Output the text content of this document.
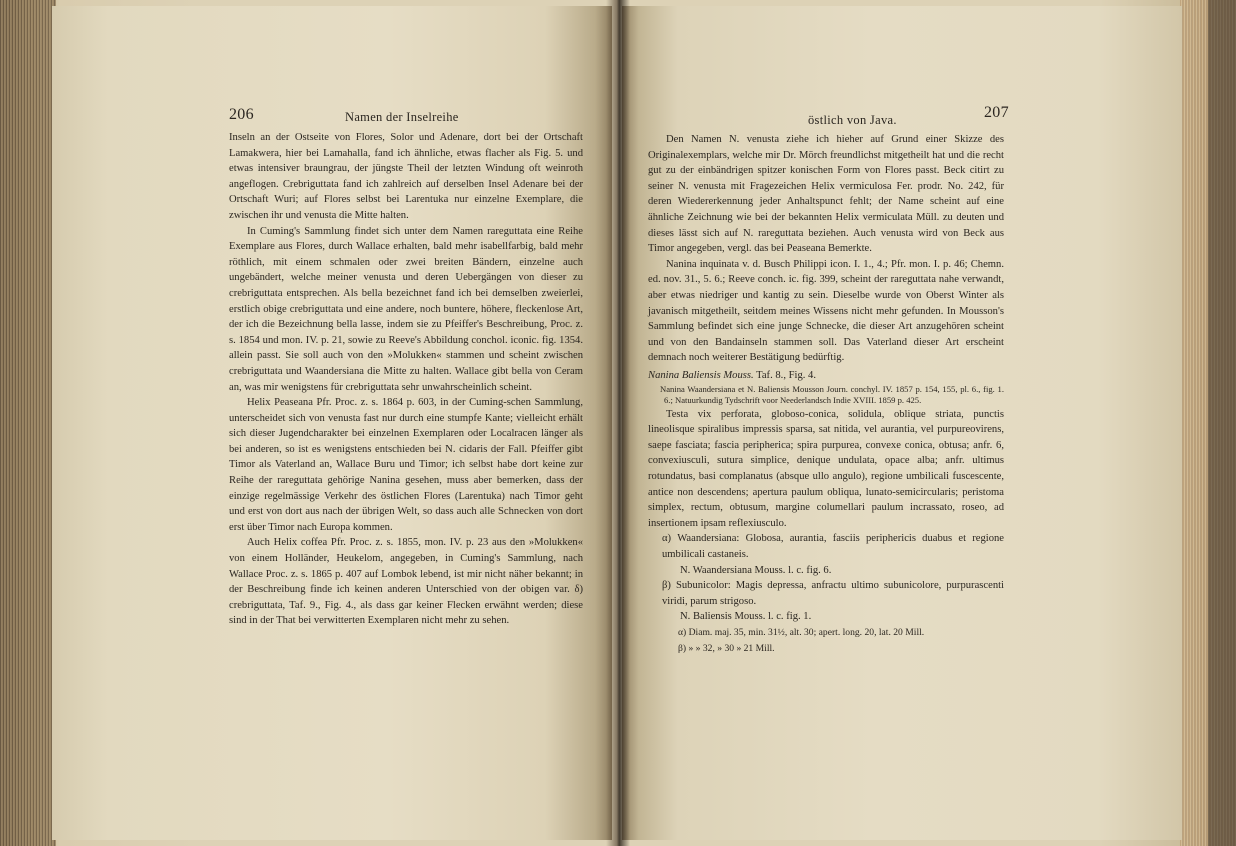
206	Namen der Inselreihe

Inseln an der Ostseite von Flores, Solor und Adenare, dort bei der Ortschaft Lamakwera, hier bei Lamahalla, fand ich ähnliche, etwas flacher als Fig. 5. und etwas intensiver braungrau, der jüngste Theil der letzten Windung oft weinroth angeflogen. Crebriguttata fand ich zahlreich auf derselben Insel Adenare bei der Ortschaft Wuri; auf Flores selbst bei Larentuka nur einzelne Exemplare, die zwischen ihr und venusta die Mitte halten.

In Cuming's Sammlung findet sich unter dem Namen rareguttata eine Reihe Exemplare aus Flores, durch Wallace erhalten, bald mehr isabellfarbig, bald mehr röthlich, mit einem schmalen oder zwei breiten Bändern, einzelne auch ungebändert, welche meiner venusta und deren Uebergängen von dieser zu crebriguttata entsprechen. Als bella bezeichnet fand ich bei demselben zweierlei, erstlich obige crebriguttata und eine andere, noch buntere, höhere, fleckenlose Art, der ich die Bezeichnung bella lasse, indem sie zu Pfeiffer's Beschreibung, Proc. z. s. 1854 und mon. IV. p. 21, sowie zu Reeve's Abbildung conchol. iconic. fig. 1354. allein passt. Sie soll auch von den »Molukken« stammen und scheint zwischen crebriguttata und Waandersiana die Mitte zu halten. Wallace gibt bella von Ceram an, was mir wenigstens für crebriguttata sehr unwahrscheinlich scheint.

Helix Peaseana Pfr. Proc. z. s. 1864 p. 603, in der Cuming-schen Sammlung, unterscheidet sich von venusta fast nur durch eine stumpfe Kante; vielleicht erhält sich dieser Jugendcharakter bei einzelnen Exemplaren oder Localracen länger als bei anderen, so ist es wenigstens entschieden bei N. cidaris der Fall. Pfeiffer gibt Timor als Vaterland an, Wallace Buru und Timor; ich selbst habe dort keine zur Reihe der rareguttata gehörige Nanina gesehen, muss aber bemerken, dass der einzige regelmässige Verkehr des östlichen Flores (Larentuka) nach Timor geht und erst von dort aus nach der übrigen Welt, so dass auch alle Schnecken von dort erst über Timor nach Europa kommen.

Auch Helix coffea Pfr. Proc. z. s. 1855, mon. IV. p. 23 aus den »Molukken« von einem Holländer, Heukelom, angegeben, in Cuming's Sammlung, nach Wallace Proc. z. s. 1865 p. 407 auf Lombok lebend, ist mir nicht näher bekannt; in der Beschreibung finde ich keinen anderen Unterschied von der obigen var. δ) crebriguttata, Taf. 9., Fig. 4., als dass gar keiner Flecken erwähnt werden; diese sind in der That bei verwitterten Exemplaren nicht mehr zu sehen.

östlich von Java.	207

Den Namen N. venusta ziehe ich hieher auf Grund einer Skizze des Originalexemplars, welche mir Dr. Mörch freundlichst mitgetheilt hat und die recht gut zu der einbändrigen spitzer konischen Form von Flores passt. Beck citirt zu seiner N. venusta mit Fragezeichen Helix vermiculosa Fer. prodr. No. 242, für deren Wiedererkennung jeder Anhaltspunct fehlt; der Name scheint auf eine ähnliche Zeichnung wie bei der bekannten Helix vermiculata Müll. zu deuten und dieses lässt sich auf N. rareguttata beziehen. Auch venusta wird von Beck aus Timor angegeben, vergl. das bei Peaseana Bemerkte.

Nanina inquinata v. d. Busch Philippi icon. I. 1., 4.; Pfr. mon. I. p. 46; Chemn. ed. nov. 31., 5. 6.; Reeve conch. ic. fig. 399, scheint der rareguttata nahe verwandt, aber etwas niedriger und kantig zu sein. Dieselbe wurde von Oberst Winter als javanisch mitgetheilt, seitdem meines Wissens nicht mehr gefunden. In Mousson's Sammlung befindet sich eine junge Schnecke, die dieser Art anzugehören scheint und von den Bandainseln stammen soll. Das Vaterland dieser Art erscheint demnach noch weiterer Bestätigung bedürftig.

Nanina Baliensis Mouss. Taf. 8., Fig. 4.

Nanina Waandersiana et N. Baliensis Mousson Journ. conchyl. IV. 1857 p. 154, 155, pl. 6., fig. 1. 6.; Natuurkundig Tydschrift voor Neederlandsch Indie XVIII. 1859 p. 425.

Testa vix perforata, globoso-conica, solidula, oblique striata, punctis lineolisque spiralibus impressis sparsa, sat nitida, vel aurantia, vel purpureovirens, saepe fasciata; fascia peripherica; spira purpurea, convexe conica, obtusa; anfr. 6, convexiusculi, sutura simplice, denique undulata, opace alba; anfr. ultimus rotundatus, basi complanatus (absque ullo angulo), regione umbilicali fuscescente, antice non descendens; apertura paulum obliqua, lunato-semicircularis; peristoma simplex, rectum, obtusum, margine columellari paulum incrassato, roseo, ad insertionem ipsam reflexiusculo.

α) Waandersiana: Globosa, aurantia, fasciis periphericis duabus et regione umbilicali castaneis.

N. Waandersiana Mouss. l. c. fig. 6.

β) Subunicolor: Magis depressa, anfractu ultimo subunicolore, purpurascenti viridi, parum strigoso.

N. Baliensis Mouss. l. c. fig. 1.

α) Diam. maj. 35, min. 31½, alt. 30; apert. long. 20, lat. 20 Mill.

β) » » 32, » 30 » 21 Mill.
